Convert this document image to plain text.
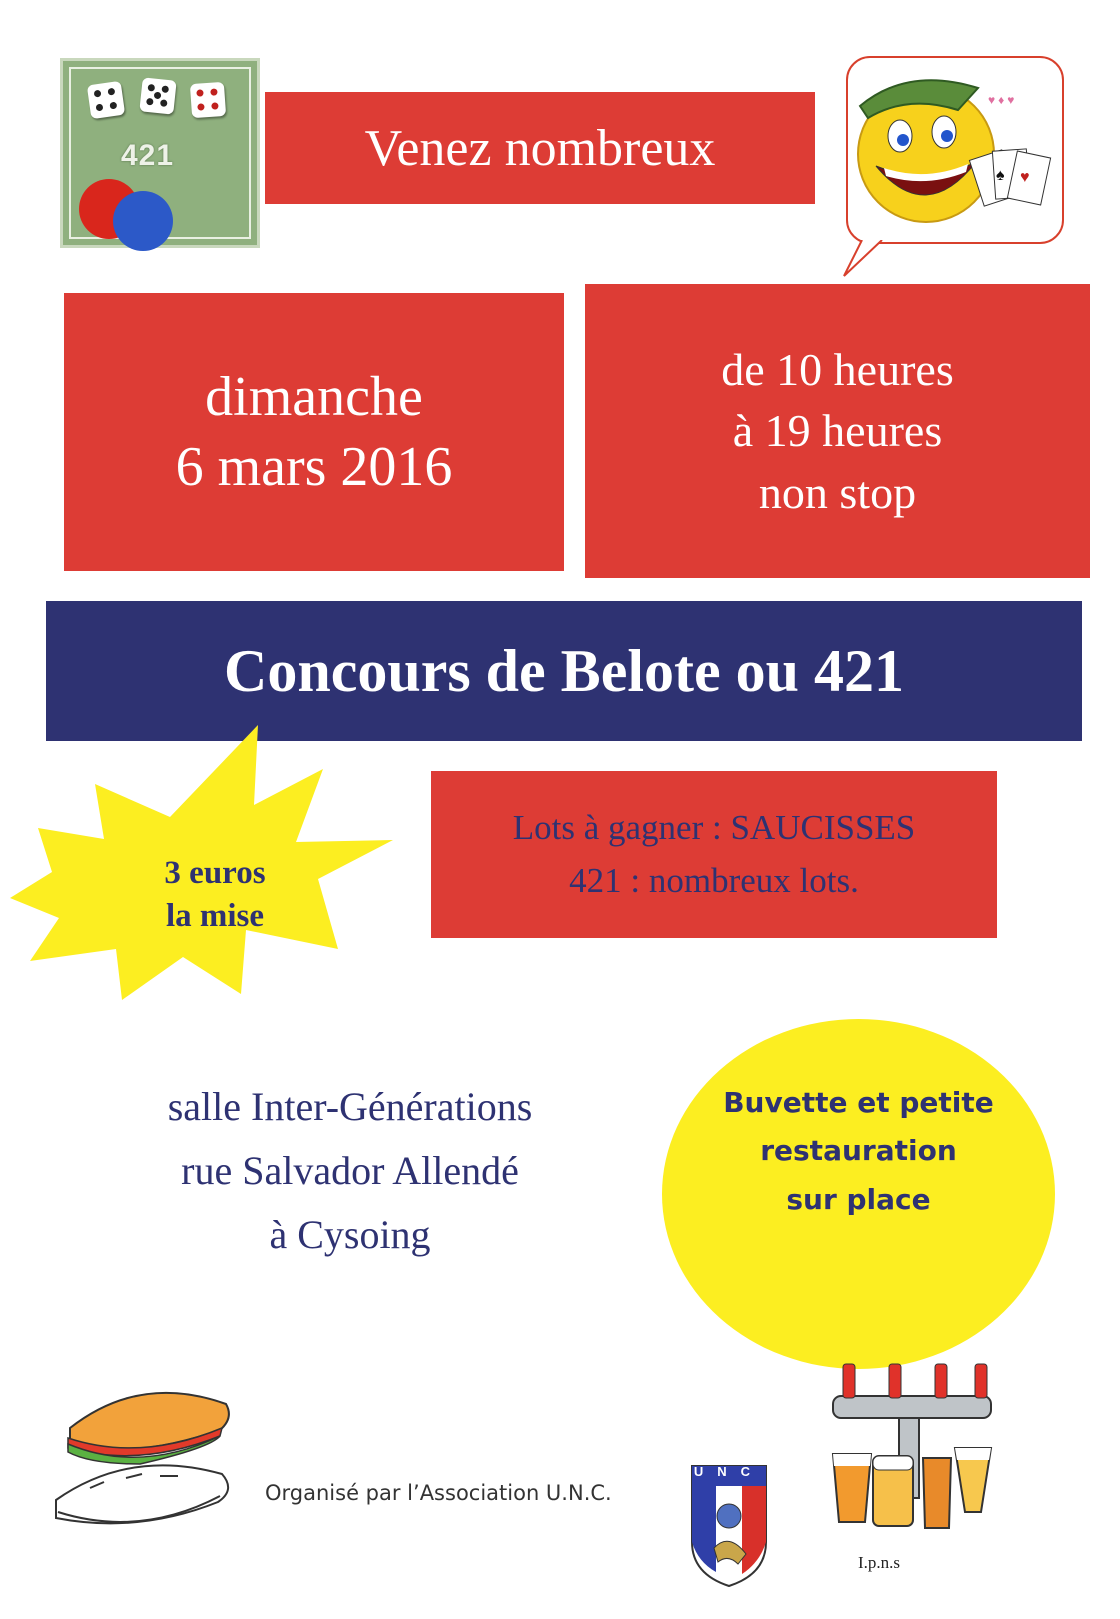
421	Venez nombreux	♠ ♥
♥ ♦ ♥
dimanche
6 mars 2016
de 10 heures
à 19 heures
non stop
Concours de Belote ou 421
3 euros
la mise
Lots à gagner : SAUCISSES
421 : nombreux lots.
salle Inter-Générations
rue Salvador Allendé
à Cysoing
Buvette et petite
restauration
sur place
Organisé par l’Association U.N.C.
UNC
I.p.n.s
